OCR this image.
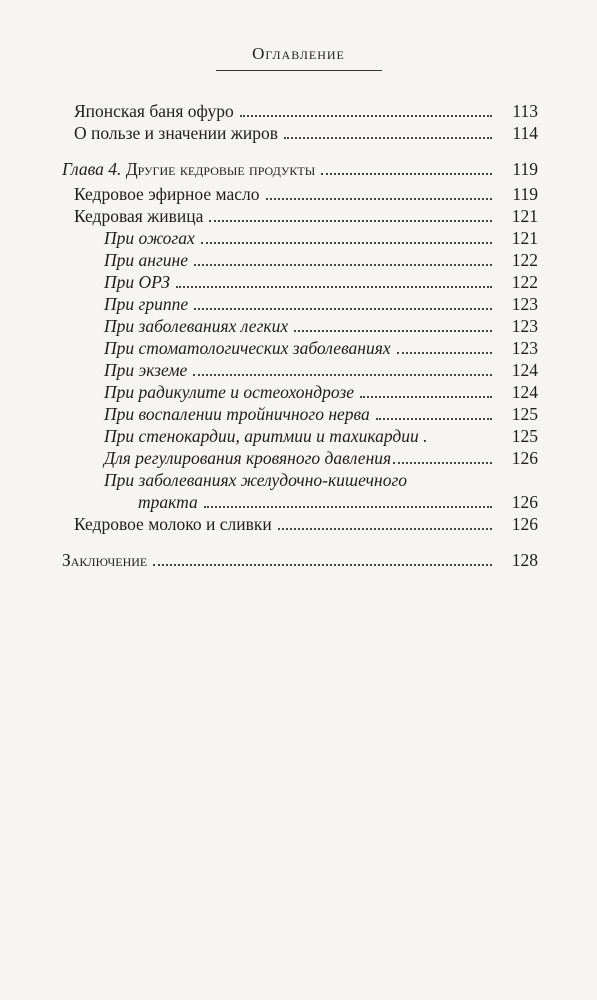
Оглавление
Японская баня офуро	113
О пользе и значении жиров	114
Глава 4.
Другие кедровые продукты	119
Кедровое эфирное масло	119
Кедровая живица	121
При ожогах	121
При ангине	122
При ОРЗ	122
При гриппе	123
При заболеваниях легких	123
При стоматологических заболеваниях	123
При экземе	124
При радикулите и остеохондрозе	124
При воспалении тройничного нерва	125
При стенокардии, аритмии и тахикардии .	125
Для регулирования кровяного давления	126
При заболеваниях желудочно-кишечного
тракта	126
Кедровое молоко и сливки	126
Заключение	128
